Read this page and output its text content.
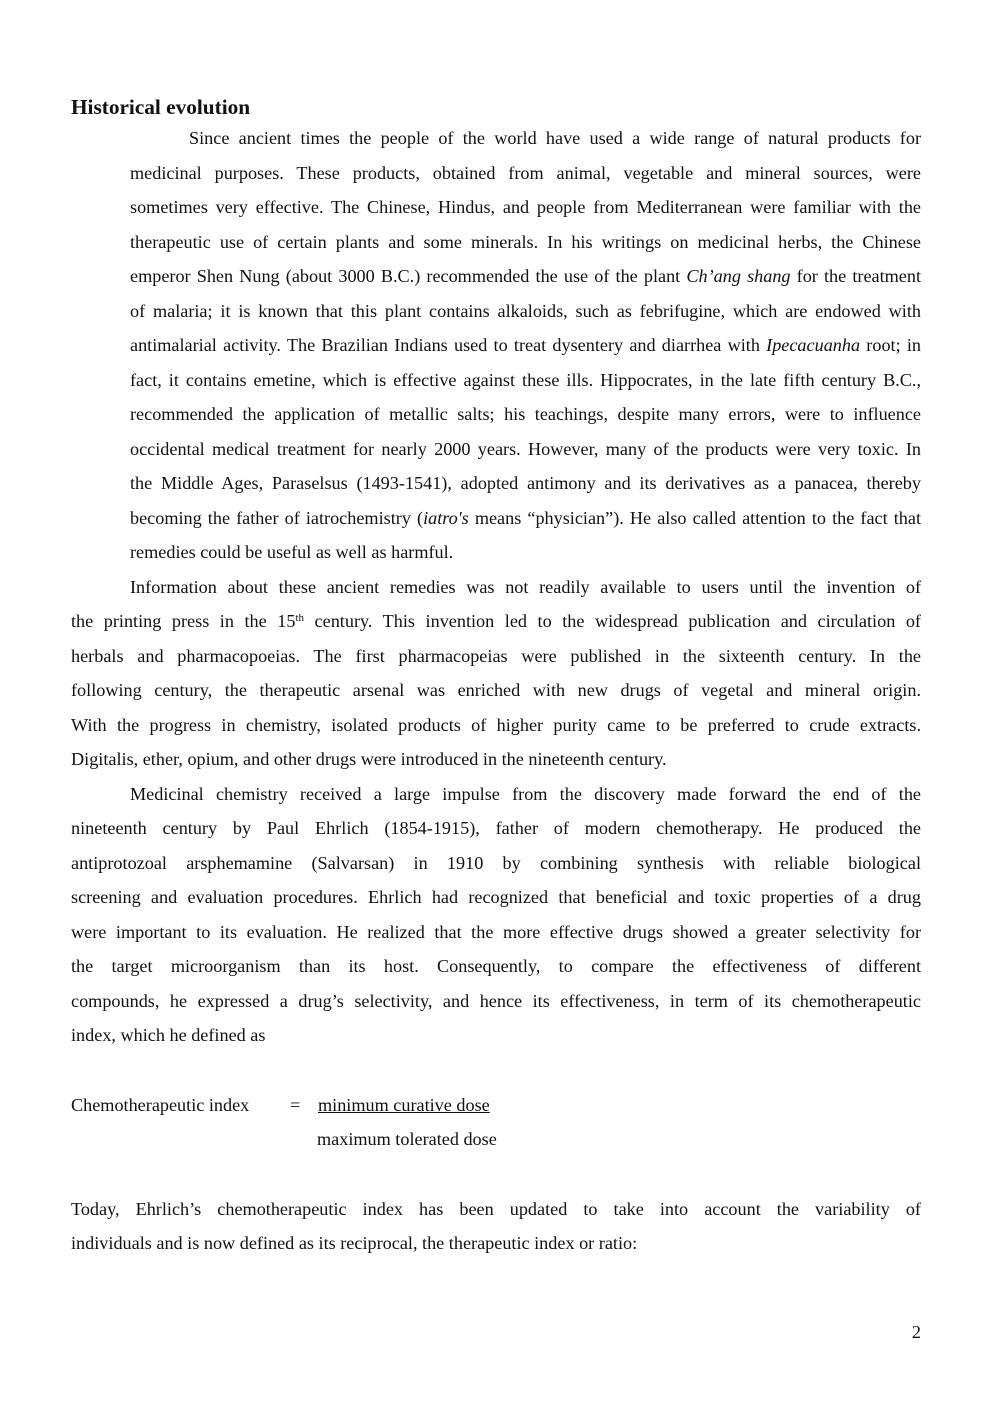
Historical evolution
Since ancient times the people of the world have used a wide range of natural products for
medicinal purposes. These products, obtained from animal, vegetable and mineral sources, were
sometimes very effective. The Chinese, Hindus, and people from Mediterranean were familiar with the
therapeutic use of certain plants and some minerals. In his writings on medicinal herbs, the Chinese
emperor Shen Nung (about 3000 B.C.) recommended the use of the plant Ch’ang shang for the treatment
of malaria; it is known that this plant contains alkaloids, such as febrifugine, which are endowed with
antimalarial activity. The Brazilian Indians used to treat dysentery and diarrhea with Ipecacuanha root; in
fact, it contains emetine, which is effective against these ills. Hippocrates, in the late fifth century B.C.,
recommended the application of metallic salts; his teachings, despite many errors, were to influence
occidental medical treatment for nearly 2000 years. However, many of the products were very toxic. In
the Middle Ages, Paraselsus (1493-1541), adopted antimony and its derivatives as a panacea, thereby
becoming the father of iatrochemistry (iatro's means “physician”). He also called attention to the fact that
remedies could be useful as well as harmful.
Information about these ancient remedies was not readily available to users until the invention of
the printing press in the 15th century. This invention led to the widespread publication and circulation of
herbals and pharmacopoeias. The first pharmacopeias were published in the sixteenth century. In the
following century, the therapeutic arsenal was enriched with new drugs of vegetal and mineral origin.
With the progress in chemistry, isolated products of higher purity came to be preferred to crude extracts.
Digitalis, ether, opium, and other drugs were introduced in the nineteenth century.
Medicinal chemistry received a large impulse from the discovery made forward the end of the
nineteenth century by Paul Ehrlich (1854-1915), father of modern chemotherapy. He produced the
antiprotozoal arsphemamine (Salvarsan) in 1910 by combining synthesis with reliable biological
screening and evaluation procedures. Ehrlich had recognized that beneficial and toxic properties of a drug
were important to its evaluation. He realized that the more effective drugs showed a greater selectivity for
the target microorganism than its host. Consequently, to compare the effectiveness of different
compounds, he expressed a drug’s selectivity, and hence its effectiveness, in term of its chemotherapeutic
index, which he defined as
Chemotherapeutic index = minimum curative dose
maximum tolerated dose
Today, Ehrlich’s chemotherapeutic index has been updated to take into account the variability of
individuals and is now defined as its reciprocal, the therapeutic index or ratio:
2
